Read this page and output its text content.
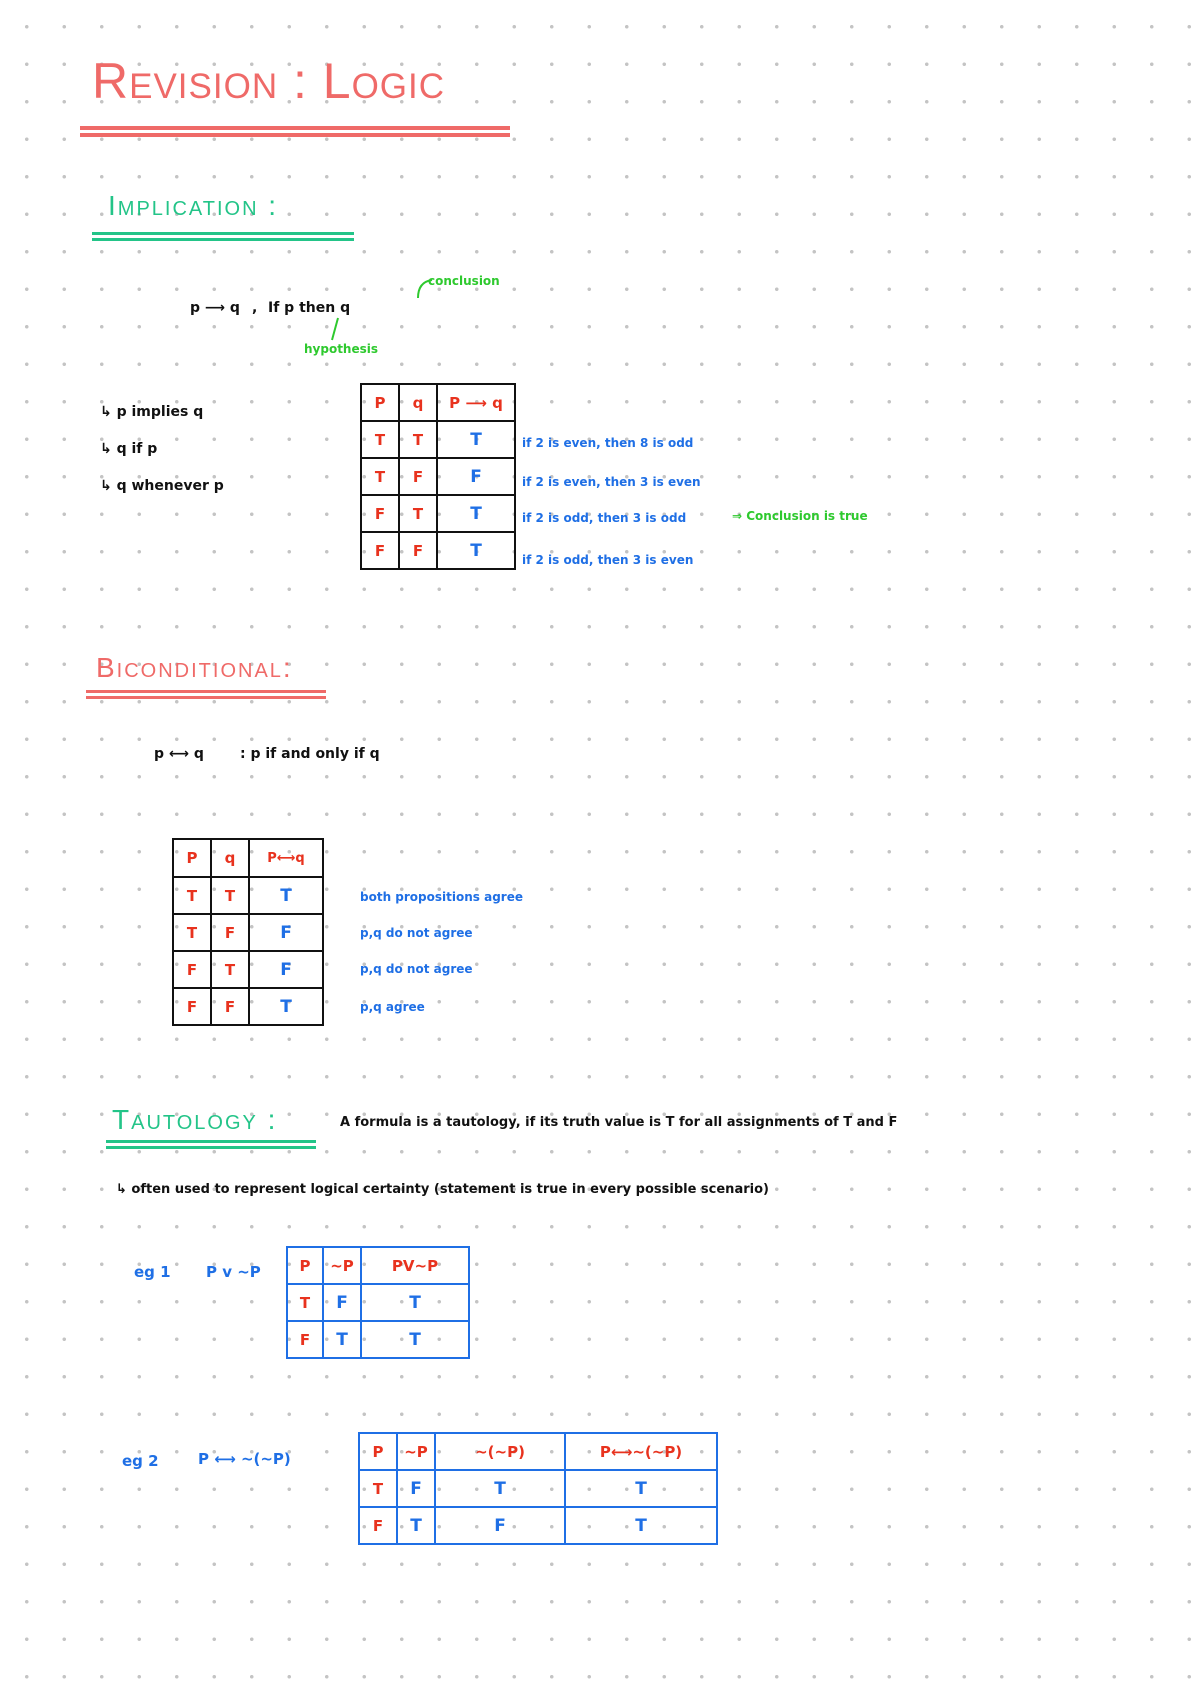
Revision : Logic
Implication :
p ⟶ q , If p then q
conclusion
hypothesis
↳ p implies q
↳ q if p
↳ q whenever p
P	q	P ⟶ q
T	T	T
T	F	F
F	T	T
F	F	T
if 2 is even, then 8 is odd
if 2 is even, then 3 is even
if 2 is odd, then 3 is odd	⇒ Conclusion is true
if 2 is odd, then 3 is even
Biconditional:
p ⟷ q	: p if and only if q
P	q	P⟷q
T	T	T
T	F	F
F	T	F
F	F	T
both propositions agree
p,q do not agree
p,q do not agree
p,q agree
Tautology :	A formula is a tautology, if its truth value is T for all assignments of T and F
↳ often used to represent logical certainty (statement is true in every possible scenario)
eg 1 P v ~P	P	~P	PV~P
T	F	T
F	T	T
eg 2	P ⟷ ~(~P)	P	~P	~(~P)	P⟷~(~P)
T	F	T	T
F	T	F	T
